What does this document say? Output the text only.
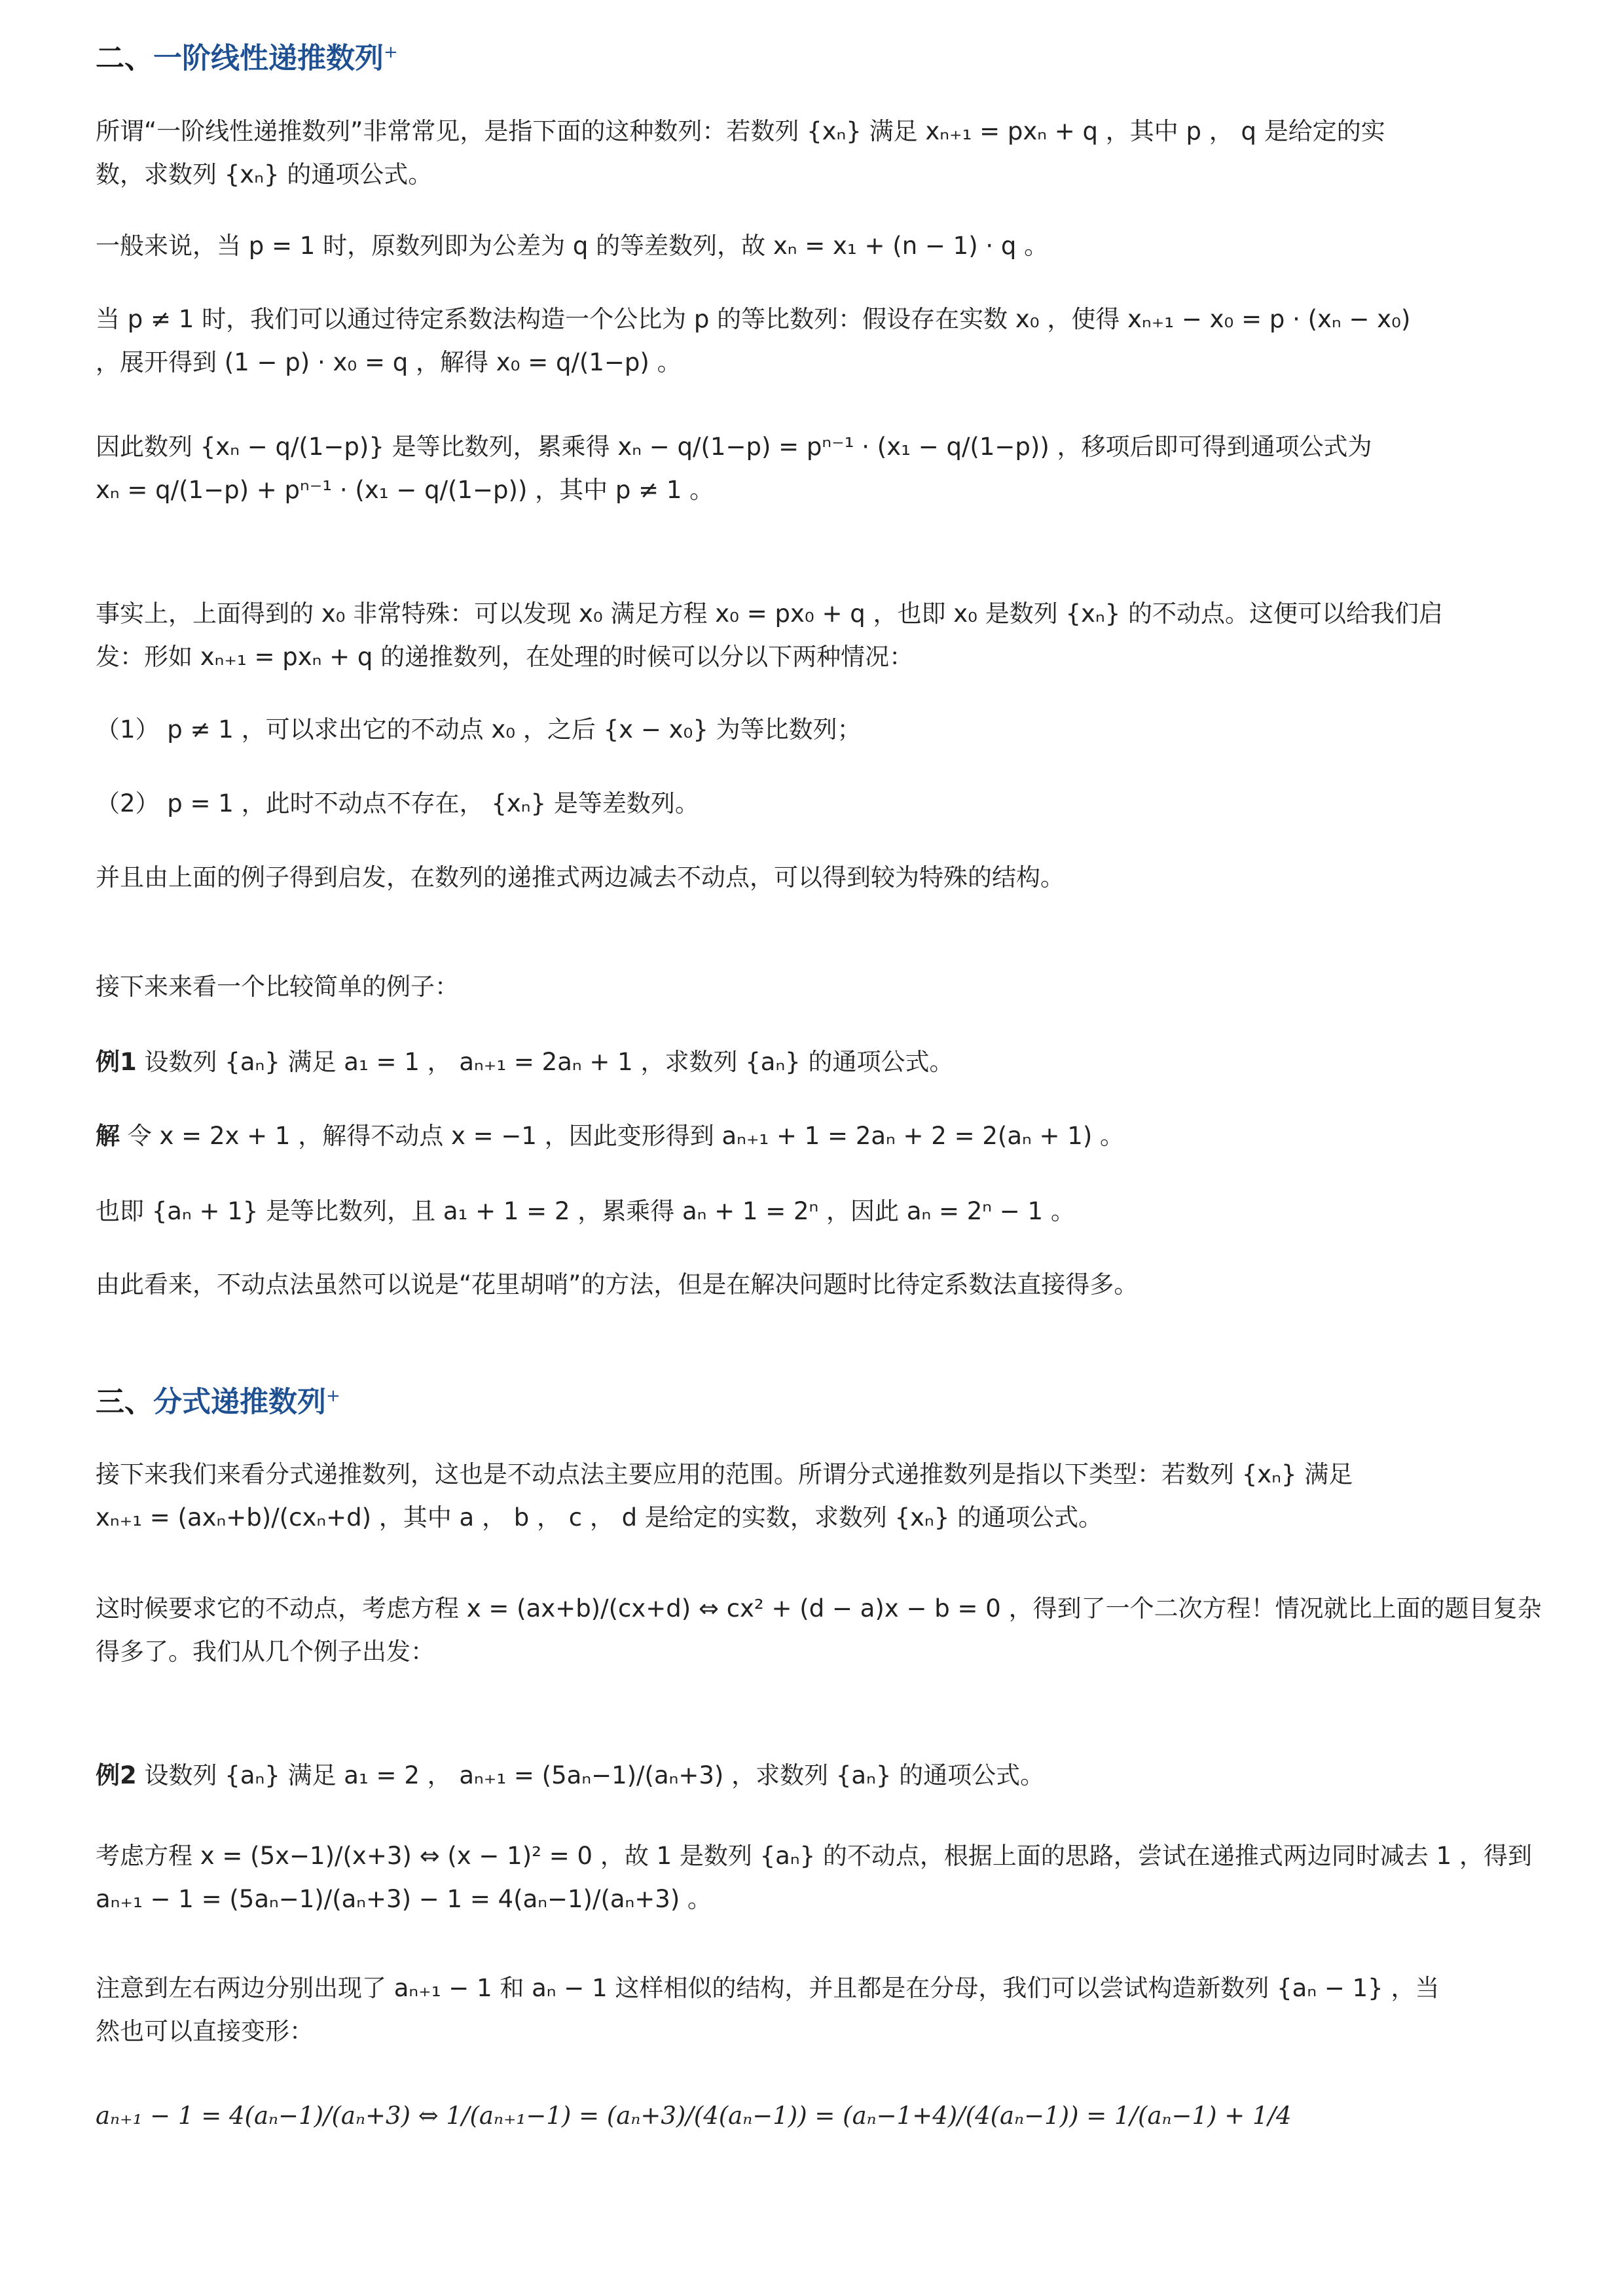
二、一阶线性递推数列+
所谓“一阶线性递推数列”非常常见，是指下面的这种数列：若数列 {xₙ} 满足 xₙ₊₁ = pxₙ + q ，其中 p ， q 是给定的实
数，求数列 {xₙ} 的通项公式。
一般来说，当 p = 1 时，原数列即为公差为 q 的等差数列，故 xₙ = x₁ + (n − 1) · q 。
当 p ≠ 1 时，我们可以通过待定系数法构造一个公比为 p 的等比数列：假设存在实数 x₀ ，使得 xₙ₊₁ − x₀ = p · (xₙ − x₀)
，展开得到 (1 − p) · x₀ = q ，解得 x₀ = q/(1−p) 。
因此数列 {xₙ − q/(1−p)} 是等比数列，累乘得 xₙ − q/(1−p) = pⁿ⁻¹ · (x₁ − q/(1−p)) ，移项后即可得到通项公式为
xₙ = q/(1−p) + pⁿ⁻¹ · (x₁ − q/(1−p)) ，其中 p ≠ 1 。
事实上，上面得到的 x₀ 非常特殊：可以发现 x₀ 满足方程 x₀ = px₀ + q ，也即 x₀ 是数列 {xₙ} 的不动点。这便可以给我们启
发：形如 xₙ₊₁ = pxₙ + q 的递推数列，在处理的时候可以分以下两种情况：
（1） p ≠ 1 ，可以求出它的不动点 x₀ ，之后 {x − x₀} 为等比数列；
（2） p = 1 ，此时不动点不存在， {xₙ} 是等差数列。
并且由上面的例子得到启发，在数列的递推式两边减去不动点，可以得到较为特殊的结构。
接下来来看一个比较简单的例子：
例1 设数列 {aₙ} 满足 a₁ = 1 ， aₙ₊₁ = 2aₙ + 1 ，求数列 {aₙ} 的通项公式。
解 令 x = 2x + 1 ，解得不动点 x = −1 ，因此变形得到 aₙ₊₁ + 1 = 2aₙ + 2 = 2(aₙ + 1) 。
也即 {aₙ + 1} 是等比数列，且 a₁ + 1 = 2 ，累乘得 aₙ + 1 = 2ⁿ ，因此 aₙ = 2ⁿ − 1 。
由此看来，不动点法虽然可以说是“花里胡哨”的方法，但是在解决问题时比待定系数法直接得多。
三、分式递推数列+
接下来我们来看分式递推数列，这也是不动点法主要应用的范围。所谓分式递推数列是指以下类型：若数列 {xₙ} 满足
xₙ₊₁ = (axₙ+b)/(cxₙ+d) ，其中 a ， b ， c ， d 是给定的实数，求数列 {xₙ} 的通项公式。
这时候要求它的不动点，考虑方程 x = (ax+b)/(cx+d) ⇔ cx² + (d − a)x − b = 0 ，得到了一个二次方程！情况就比上面的题目复杂
得多了。我们从几个例子出发：
例2 设数列 {aₙ} 满足 a₁ = 2 ， aₙ₊₁ = (5aₙ−1)/(aₙ+3) ，求数列 {aₙ} 的通项公式。
考虑方程 x = (5x−1)/(x+3) ⇔ (x − 1)² = 0 ，故 1 是数列 {aₙ} 的不动点，根据上面的思路，尝试在递推式两边同时减去 1 ，得到
aₙ₊₁ − 1 = (5aₙ−1)/(aₙ+3) − 1 = 4(aₙ−1)/(aₙ+3) 。
注意到左右两边分别出现了 aₙ₊₁ − 1 和 aₙ − 1 这样相似的结构，并且都是在分母，我们可以尝试构造新数列 {aₙ − 1} ，当
然也可以直接变形：
aₙ₊₁ − 1 = 4(aₙ−1)/(aₙ+3) ⇔ 1/(aₙ₊₁−1) = (aₙ+3)/(4(aₙ−1)) = (aₙ−1+4)/(4(aₙ−1)) = 1/(aₙ−1) + 1/4
